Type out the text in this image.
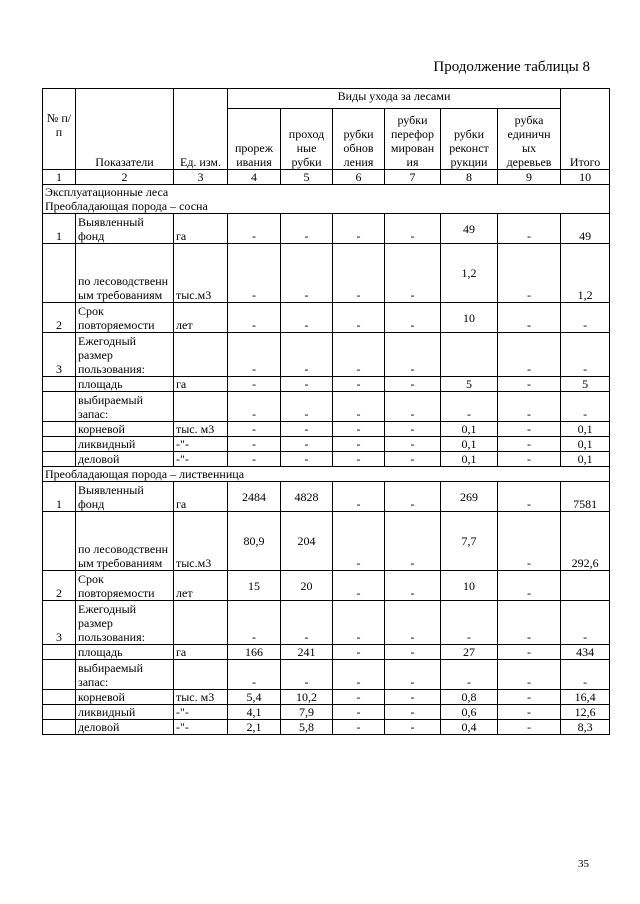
Продолжение таблицы 8
№ п/п	Показатели	Ед. изм.	Виды ухода за лесами						Итого
			прореж ивания	проход ные рубки	рубки обнов ления	рубки перефор мирован ия	рубки реконст рукции	рубка единичн ых деревьев	
1	2	3	4	5	6	7	8	9	10

Эксплуатационные леса
Преобладающая порода – сосна									

1	Выявленный фонд	га	-	-	-	-	49	-	49
	по лесоводственн ым требованиям	тыс.м3	-	-	-	-	1,2	-	1,2
2	Срок повторяемости	лет	-	-	-	-	10	-	-
3	Ежегодный размер пользования:		-	-	-	-		-	-
	площадь	га	-	-	-	-	5	-	5
	выбираемый запас:		-	-	-	-	-	-	-
	корневой	тыс. м3	-	-	-	-	0,1	-	0,1
	ликвидный	-"-	-	-	-	-	0,1	-	0,1
	деловой	-"-	-	-	-	-	0,1	-	0,1

Преобладающая порода – лиственница									

1	Выявленный фонд	га	2484	4828	-	-	269	-	7581
	по лесоводственн ым требованиям	тыс.м3	80,9	204	-	-	7,7	-	292,6
2	Срок повторяемости	лет	15	20	-	-	10	-	
3	Ежегодный размер пользования:		-	-	-	-	-	-	-
	площадь	га	166	241	-	-	27	-	434
	выбираемый запас:		-	-	-	-	-	-	-
	корневой	тыс. м3	5,4	10,2	-	-	0,8	-	16,4
	ликвидный	-"-	4,1	7,9	-	-	0,6	-	12,6
	деловой	-"-	2,1	5,8	-	-	0,4	-	8,3
35
